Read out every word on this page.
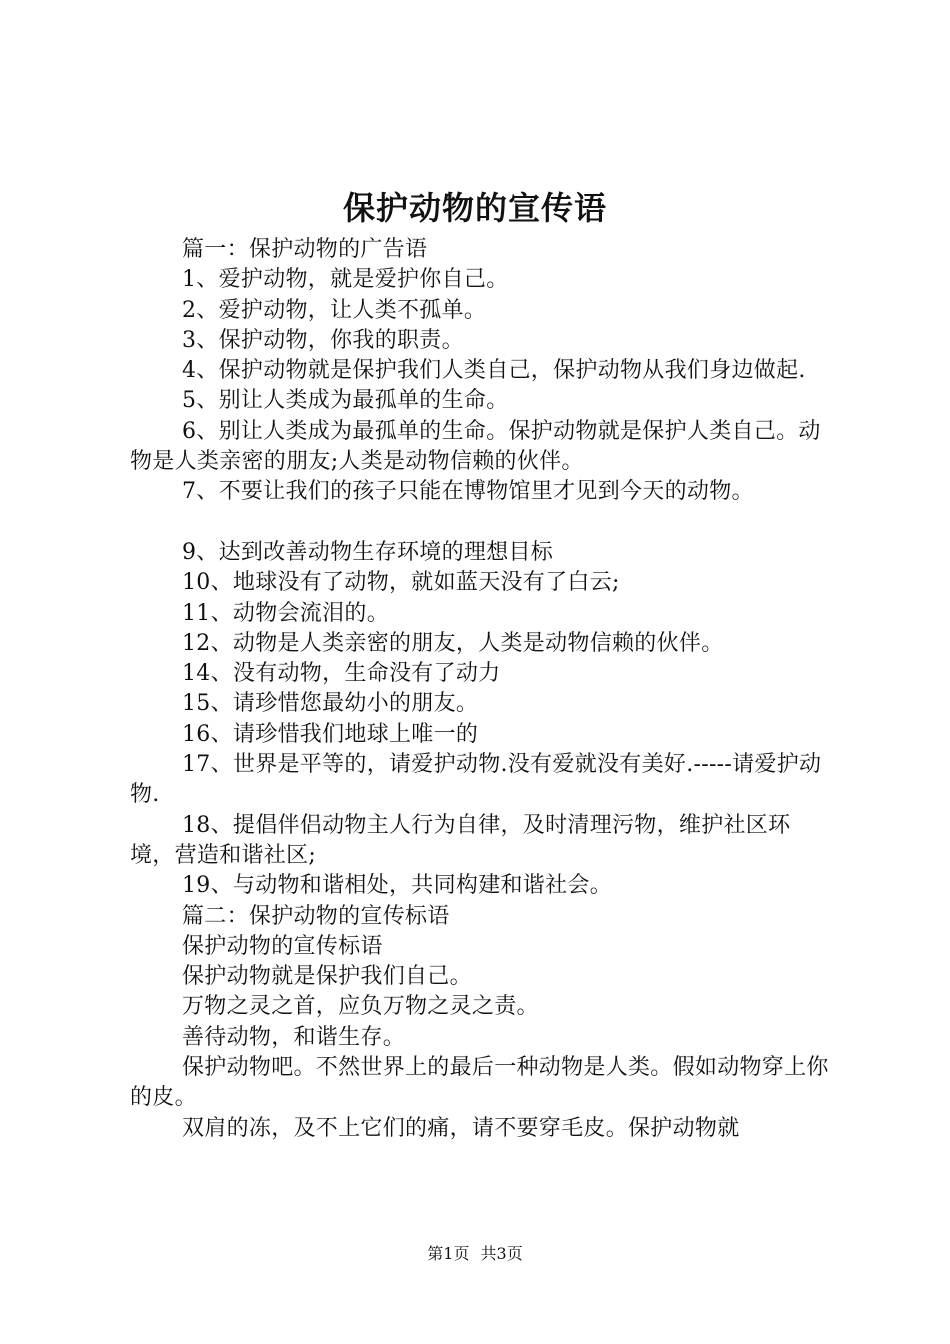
保护动物的宣传语

篇一：保护动物的广告语

1、爱护动物，就是爱护你自己。

2、爱护动物，让人类不孤单。

3、保护动物，你我的职责。

4、保护动物就是保护我们人类自己，保护动物从我们身边做起.

5、别让人类成为最孤单的生命。

6、别让人类成为最孤单的生命。保护动物就是保护人类自己。动物是人类亲密的朋友;人类是动物信赖的伙伴。

7、不要让我们的孩子只能在博物馆里才见到今天的动物。

9、达到改善动物生存环境的理想目标

10、地球没有了动物，就如蓝天没有了白云;

11、动物会流泪的。

12、动物是人类亲密的朋友，人类是动物信赖的伙伴。

14、没有动物，生命没有了动力

15、请珍惜您最幼小的朋友。

16、请珍惜我们地球上唯一的

17、世界是平等的，请爱护动物.没有爱就没有美好.-----请爱护动物.

18、提倡伴侣动物主人行为自律，及时清理污物，维护社区环境，营造和谐社区;

19、与动物和谐相处，共同构建和谐社会。

篇二：保护动物的宣传标语

保护动物的宣传标语

保护动物就是保护我们自己。

万物之灵之首，应负万物之灵之责。

善待动物，和谐生存。

保护动物吧。不然世界上的最后一种动物是人类。假如动物穿上你的皮。

双肩的冻，及不上它们的痛，请不要穿毛皮。保护动物就

第1页 共3页
